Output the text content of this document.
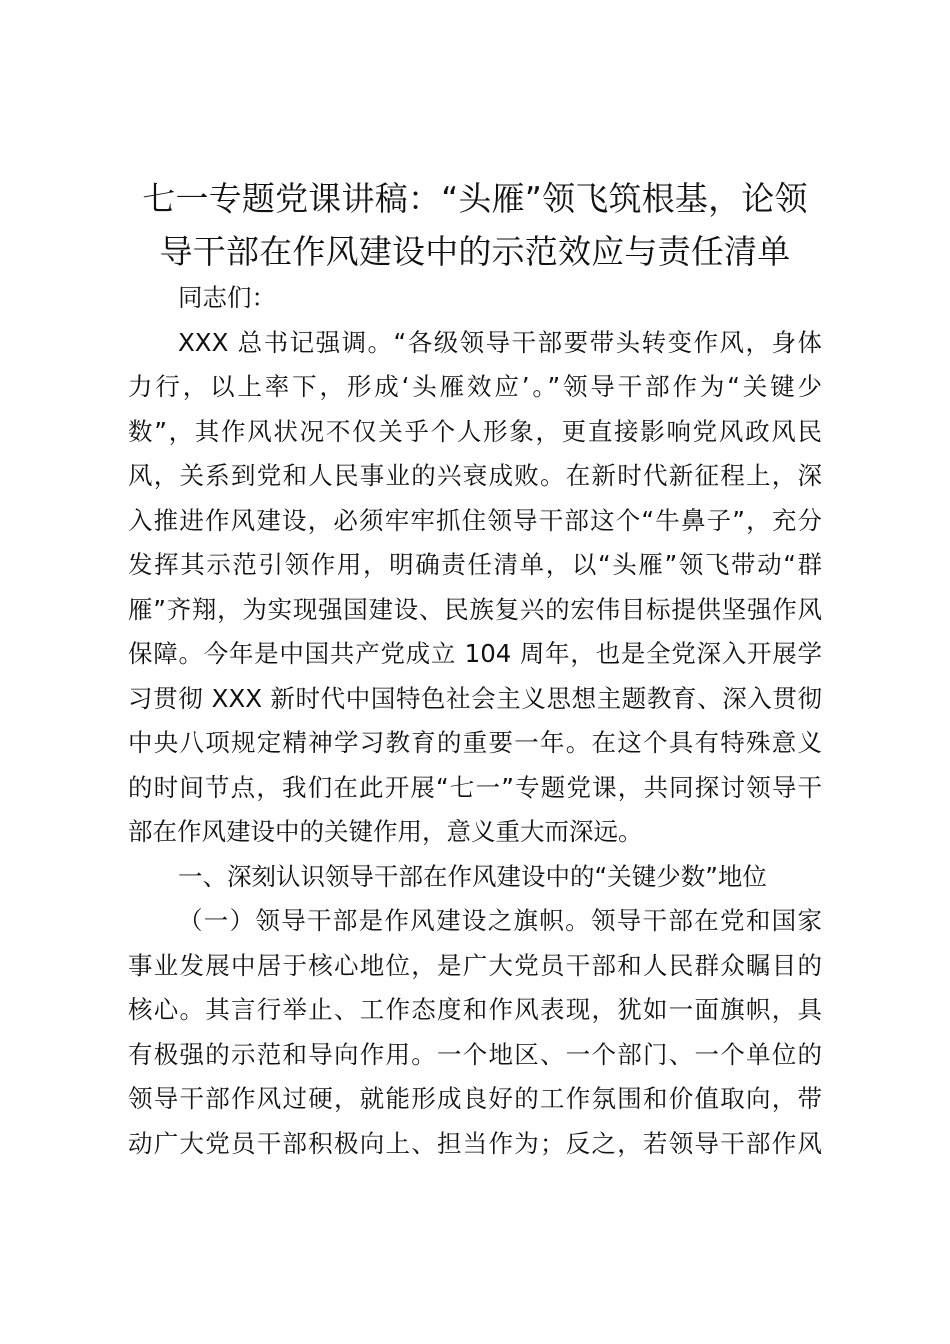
七一专题党课讲稿：“头雁”领飞筑根基，论领
导干部在作风建设中的示范效应与责任清单
同志们：
XXX 总书记强调。“各级领导干部要带头转变作风，身体
力行，以上率下，形成‘头雁效应’。”领导干部作为“关键少
数”，其作风状况不仅关乎个人形象，更直接影响党风政风民
风，关系到党和人民事业的兴衰成败。在新时代新征程上，深
入推进作风建设，必须牢牢抓住领导干部这个“牛鼻子”，充分
发挥其示范引领作用，明确责任清单，以“头雁”领飞带动“群
雁”齐翔，为实现强国建设、民族复兴的宏伟目标提供坚强作风
保障。今年是中国共产党成立 104 周年，也是全党深入开展学
习贯彻 XXX 新时代中国特色社会主义思想主题教育、深入贯彻
中央八项规定精神学习教育的重要一年。在这个具有特殊意义
的时间节点，我们在此开展“七一”专题党课，共同探讨领导干
部在作风建设中的关键作用，意义重大而深远。
一、深刻认识领导干部在作风建设中的“关键少数”地位
（一）领导干部是作风建设之旗帜。领导干部在党和国家
事业发展中居于核心地位，是广大党员干部和人民群众瞩目的
核心。其言行举止、工作态度和作风表现，犹如一面旗帜，具
有极强的示范和导向作用。一个地区、一个部门、一个单位的
领导干部作风过硬，就能形成良好的工作氛围和价值取向，带
动广大党员干部积极向上、担当作为；反之，若领导干部作风
